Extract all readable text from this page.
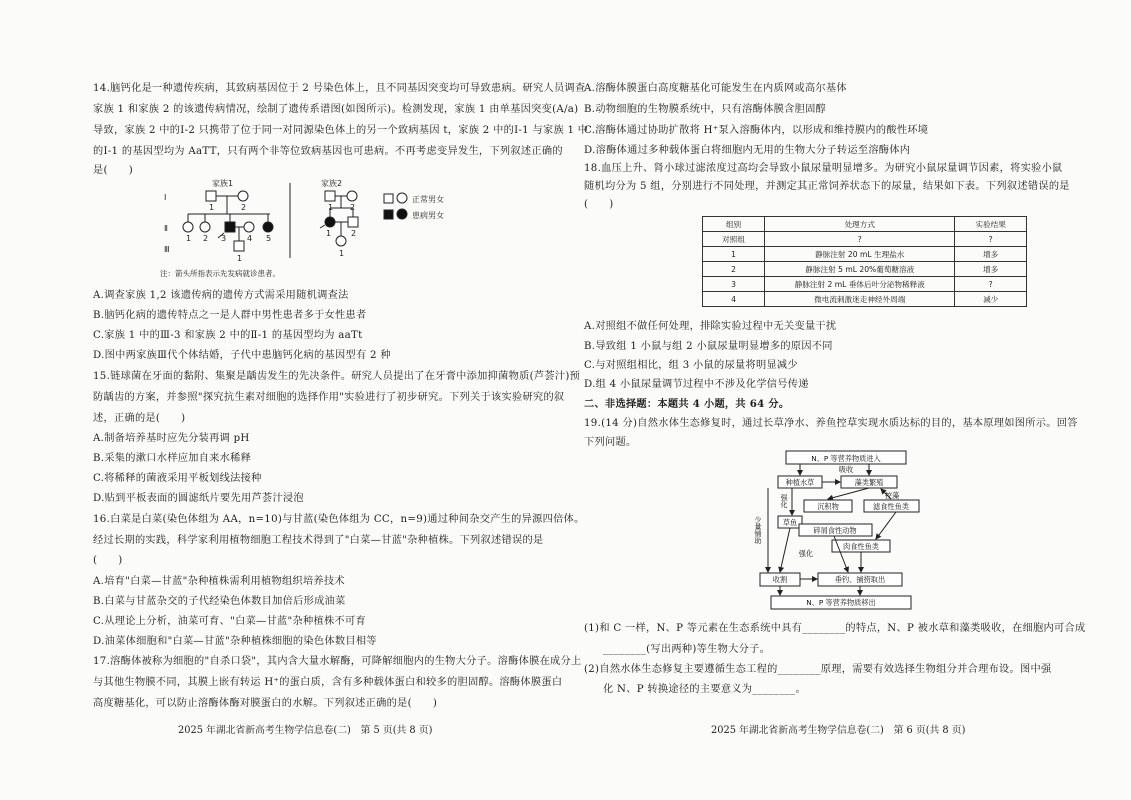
14.脑钙化是一种遗传疾病，其致病基因位于 2 号染色体上，且不同基因突变均可导致患病。研究人员调查
家族 1 和家族 2 的该遗传病情况，绘制了遗传系谱图(如图所示)。检测发现，家族 1 由单基因突变(A/a)
导致，家族 2 中的Ⅰ-2 只携带了位于同一对同源染色体上的另一个致病基因 t，家族 2 中的Ⅰ-1 与家族 1 中
的Ⅰ-1 的基因型均为 AaTT，只有两个非等位致病基因也可患病。不再考虑变异发生，下列叙述正确的
是(　　)
家族1	家族2
Ⅰ
Ⅱ
Ⅲ
1	2
1 2 3	4 5
1
1 2
1 2
1
正常男女
患病男女
注：箭头所指表示先发病就诊患者。
A.调查家族 1,2 该遗传病的遗传方式需采用随机调查法
B.脑钙化病的遗传特点之一是人群中男性患者多于女性患者
C.家族 1 中的Ⅲ-3 和家族 2 中的Ⅱ-1 的基因型均为 aaTt
D.图中两家族Ⅲ代个体结婚，子代中患脑钙化病的基因型有 2 种
15.链球菌在牙面的黏附、集聚是龋齿发生的先决条件。研究人员提出了在牙膏中添加抑菌物质(芦荟汁)预
防龋齿的方案，并参照"探究抗生素对细胞的选择作用"实验进行了初步研究。下列关于该实验研究的叙
述，正确的是(　　)
A.制备培养基时应先分装再调 pH
B.采集的漱口水样应加自来水稀释
C.将稀释的菌液采用平板划线法接种
D.贴到平板表面的圆滤纸片要先用芦荟汁浸泡
16.白菜是白菜(染色体组为 AA，n=10)与甘蓝(染色体组为 CC，n=9)通过种间杂交产生的异源四倍体。
经过长期的实践，科学家利用植物细胞工程技术得到了"白菜—甘蓝"杂种植株。下列叙述错误的是
(　　)
A.培育"白菜—甘蓝"杂种植株需利用植物组织培养技术
B.白菜与甘蓝杂交的子代经染色体数目加倍后形成油菜
C.从理论上分析，油菜可育、"白菜—甘蓝"杂种植株不可育
D.油菜体细胞和"白菜—甘蓝"杂种植株细胞的染色体数目相等
17.溶酶体被称为细胞的"自杀口袋"，其内含大量水解酶，可降解细胞内的生物大分子。溶酶体膜在成分上
与其他生物膜不同，其膜上嵌有转运 H⁺的蛋白质，含有多种载体蛋白和较多的胆固醇。溶酶体膜蛋白
高度糖基化，可以防止溶酶体酶对膜蛋白的水解。下列叙述正确的是(　　)
2025 年湖北省新高考生物学信息卷(二)　第 5 页(共 8 页)
A.溶酶体膜蛋白高度糖基化可能发生在内质网或高尔基体
B.动物细胞的生物膜系统中，只有溶酶体膜含胆固醇
C.溶酶体通过协助扩散将 H⁺泵入溶酶体内，以形成和维持膜内的酸性环境
D.溶酶体通过多种载体蛋白将细胞内无用的生物大分子转运至溶酶体内
18.血压上升、肾小球过滤浓度过高均会导致小鼠尿量明显增多。为研究小鼠尿量调节因素，将实验小鼠
随机均分为 5 组，分别进行不同处理，并测定其正常饲养状态下的尿量，结果如下表。下列叙述错误的是
(　　)
组别	处理方式	实验结果
对照组	?	?
1	静脉注射 20 mL 生理盐水	增多
2	静脉注射 5 mL 20%葡萄糖溶液	增多
3	静脉注射 2 mL 垂体后叶分泌物稀释液	?
4	微电流刺激迷走神经外周端	减少
A.对照组不做任何处理，排除实验过程中无关变量干扰
B.导致组 1 小鼠与组 2 小鼠尿量明显增多的原因不同
C.与对照组相比，组 3 小鼠的尿量将明显减少
D.组 4 小鼠尿量调节过程中不涉及化学信号传递
二、非选择题：本题共 4 小题，共 64 分。
19.(14 分)自然水体生态修复时，通过长草净水、养鱼控草实现水质达标的目的，基本原理如图所示。回答
下列问题。
N、P 等营养物质进入
吸收
种植水草	藻类繁殖
控藻
沉积物	滤食性鱼类
草鱼
碎屑食性动物
肉食性鱼类
收割	垂钓、捕捞取出
N、P 等营养物质移出
强化
强化
少量铺助
(1)和 C 一样，N、P 等元素在生态系统中具有________的特点，N、P 被水草和藻类吸收，在细胞内可合成
________(写出两种)等生物大分子。
(2)自然水体生态修复主要遵循生态工程的________原理，需要有效选择生物组分并合理布设。图中强
化 N、P 转换途径的主要意义为________。
2025 年湖北省新高考生物学信息卷(二)　第 6 页(共 8 页)
